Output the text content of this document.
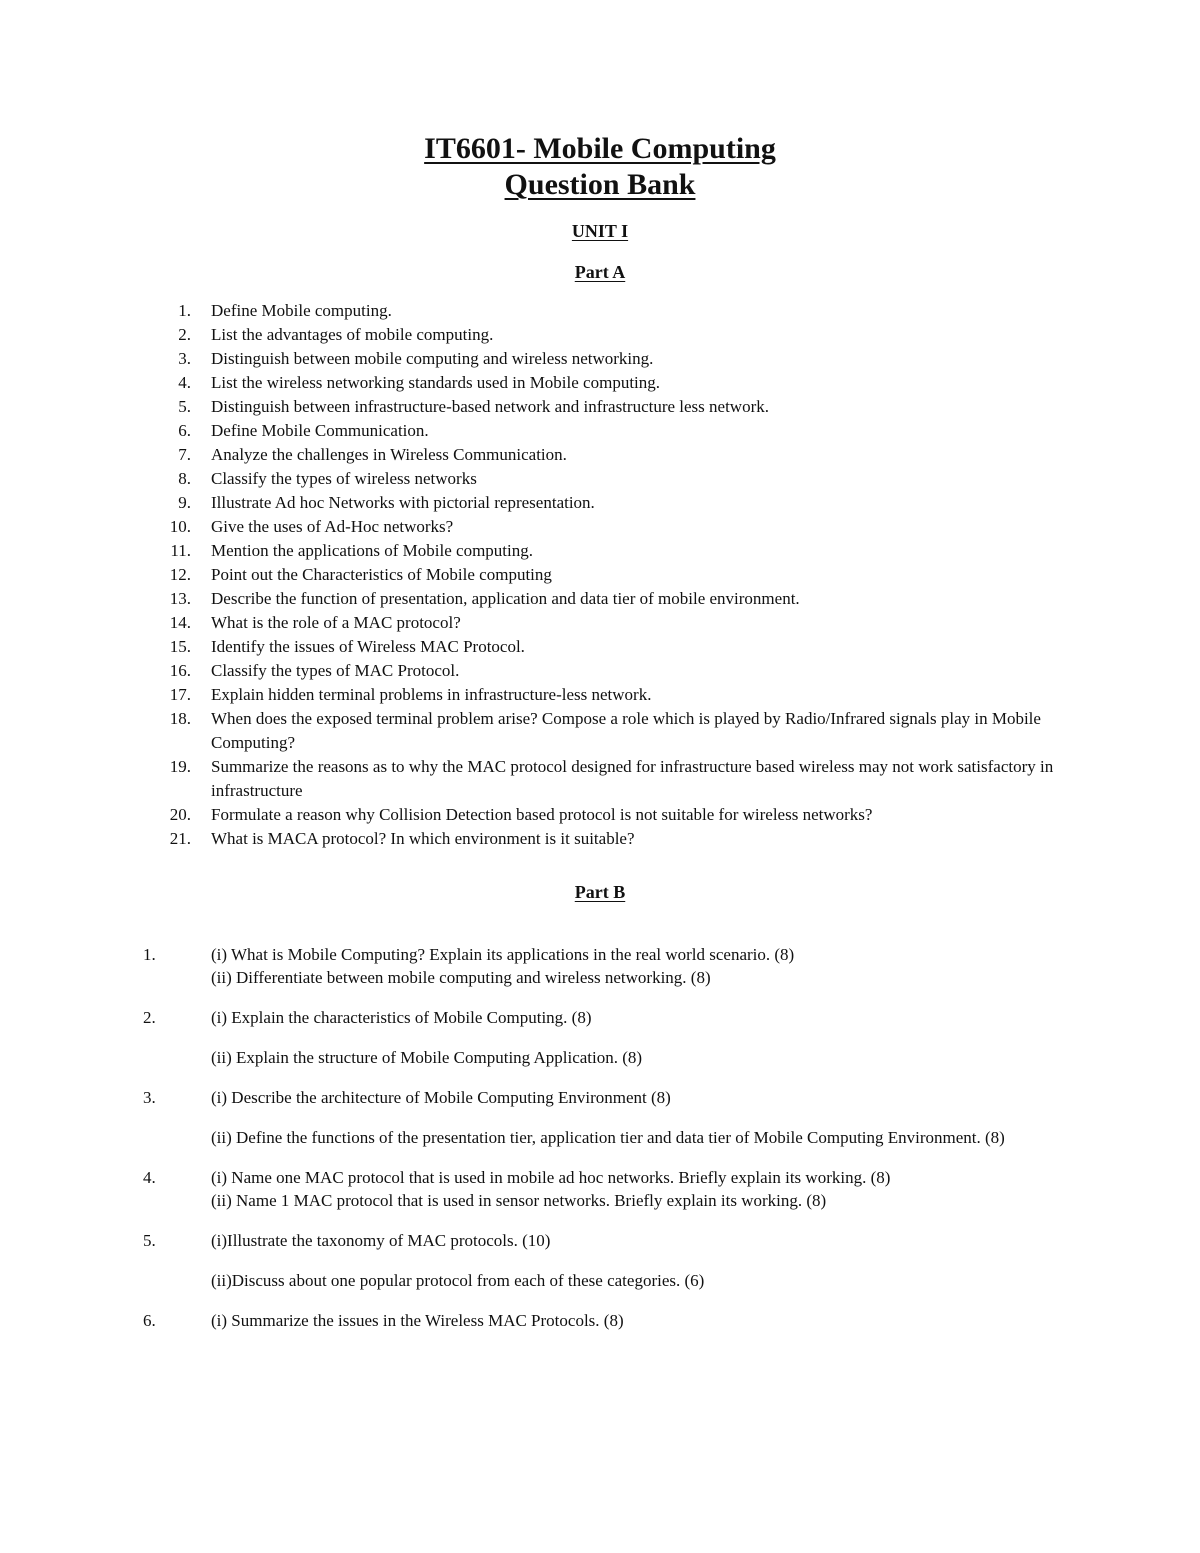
IT6601- Mobile Computing
Question Bank
UNIT I
Part A
1. Define Mobile computing.
2. List the advantages of mobile computing.
3. Distinguish between mobile computing and wireless networking.
4. List the wireless networking standards used in Mobile computing.
5. Distinguish between infrastructure-based network and infrastructure less network.
6. Define Mobile Communication.
7. Analyze the challenges in Wireless Communication.
8. Classify the types of wireless networks
9. Illustrate Ad hoc Networks with pictorial representation.
10. Give the uses of Ad-Hoc networks?
11. Mention the applications of Mobile computing.
12. Point out the Characteristics of Mobile computing
13. Describe the function of presentation, application and data tier of mobile environment.
14. What is the role of a MAC protocol?
15. Identify the issues of Wireless MAC Protocol.
16. Classify the types of MAC Protocol.
17. Explain hidden terminal problems in infrastructure-less network.
18. When does the exposed terminal problem arise? Compose a role which is played by Radio/Infrared signals play in Mobile Computing?
19. Summarize the reasons as to why the MAC protocol designed for infrastructure based wireless may not work satisfactory in infrastructure
20. Formulate a reason why Collision Detection based protocol is not suitable for wireless networks?
21. What is MACA protocol? In which environment is it suitable?
Part B
1.	(i) What is Mobile Computing? Explain its applications in the real world scenario. (8)
(ii) Differentiate between mobile computing and wireless networking. (8)
2.	(i) Explain the characteristics of Mobile Computing. (8)
(ii) Explain the structure of Mobile Computing Application. (8)
3.	(i) Describe the architecture of Mobile Computing Environment (8)
(ii) Define the functions of the presentation tier, application tier and data tier of Mobile Computing Environment. (8)
4.	(i) Name one MAC protocol that is used in mobile ad hoc networks. Briefly explain its working. (8)
(ii) Name 1 MAC protocol that is used in sensor networks. Briefly explain its working. (8)
5.	(i)Illustrate the taxonomy of MAC protocols. (10)
(ii)Discuss about one popular protocol from each of these categories. (6)
6.	(i) Summarize the issues in the Wireless MAC Protocols. (8)
